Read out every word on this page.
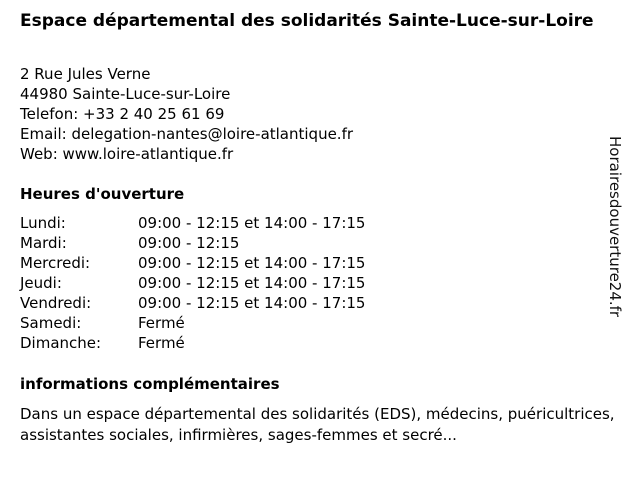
Espace départemental des solidarités Sainte-Luce-sur-Loire
2 Rue Jules Verne
44980 Sainte-Luce-sur-Loire
Telefon: +33 2 40 25 61 69
Email: delegation-nantes@loire-atlantique.fr
Web: www.loire-atlantique.fr
Heures d'ouverture
Lundi:	09:00 - 12:15 et 14:00 - 17:15
Mardi:	09:00 - 12:15
Mercredi:	09:00 - 12:15 et 14:00 - 17:15
Jeudi:	09:00 - 12:15 et 14:00 - 17:15
Vendredi:	09:00 - 12:15 et 14:00 - 17:15
Samedi:	Fermé
Dimanche:	Fermé
informations complémentaires

Dans un espace départemental des solidarités (EDS), médecins, puéricultrices, assistantes sociales, infirmières, sages-femmes et secré...

Horairesdouverture24.fr
